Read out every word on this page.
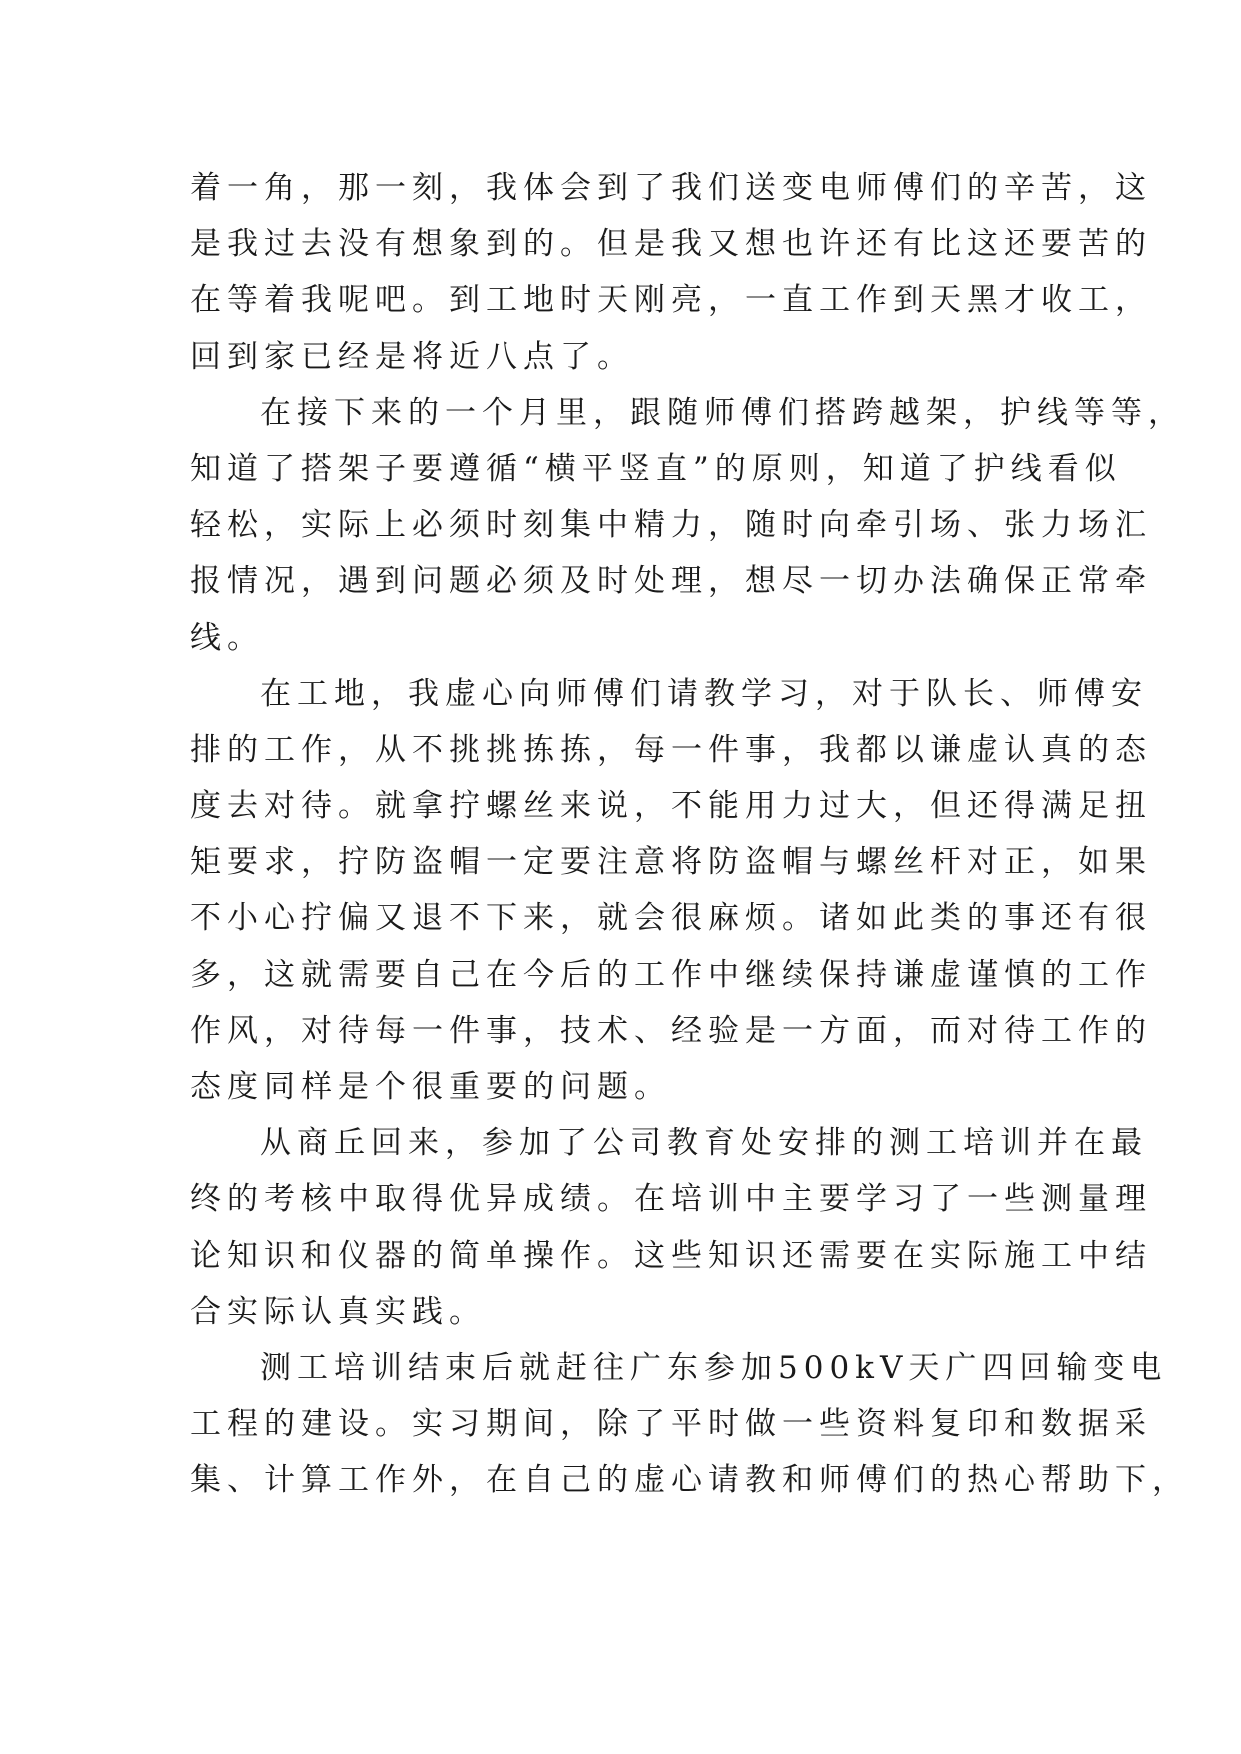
着一角，那一刻，我体会到了我们送变电师傅们的辛苦，这
是我过去没有想象到的。但是我又想也许还有比这还要苦的
在等着我呢吧。到工地时天刚亮，一直工作到天黑才收工，
回到家已经是将近八点了。
在接下来的一个月里，跟随师傅们搭跨越架，护线等等，
知道了搭架子要遵循“横平竖直”的原则，知道了护线看似
轻松，实际上必须时刻集中精力，随时向牵引场、张力场汇
报情况，遇到问题必须及时处理，想尽一切办法确保正常牵
线。
在工地，我虚心向师傅们请教学习，对于队长、师傅安
排的工作，从不挑挑拣拣，每一件事，我都以谦虚认真的态
度去对待。就拿拧螺丝来说，不能用力过大，但还得满足扭
矩要求，拧防盗帽一定要注意将防盗帽与螺丝杆对正，如果
不小心拧偏又退不下来，就会很麻烦。诸如此类的事还有很
多，这就需要自己在今后的工作中继续保持谦虚谨慎的工作
作风，对待每一件事，技术、经验是一方面，而对待工作的
态度同样是个很重要的问题。
从商丘回来，参加了公司教育处安排的测工培训并在最
终的考核中取得优异成绩。在培训中主要学习了一些测量理
论知识和仪器的简单操作。这些知识还需要在实际施工中结
合实际认真实践。
测工培训结束后就赶往广东参加500kV天广四回输变电
工程的建设。实习期间，除了平时做一些资料复印和数据采
集、计算工作外，在自己的虚心请教和师傅们的热心帮助下，
